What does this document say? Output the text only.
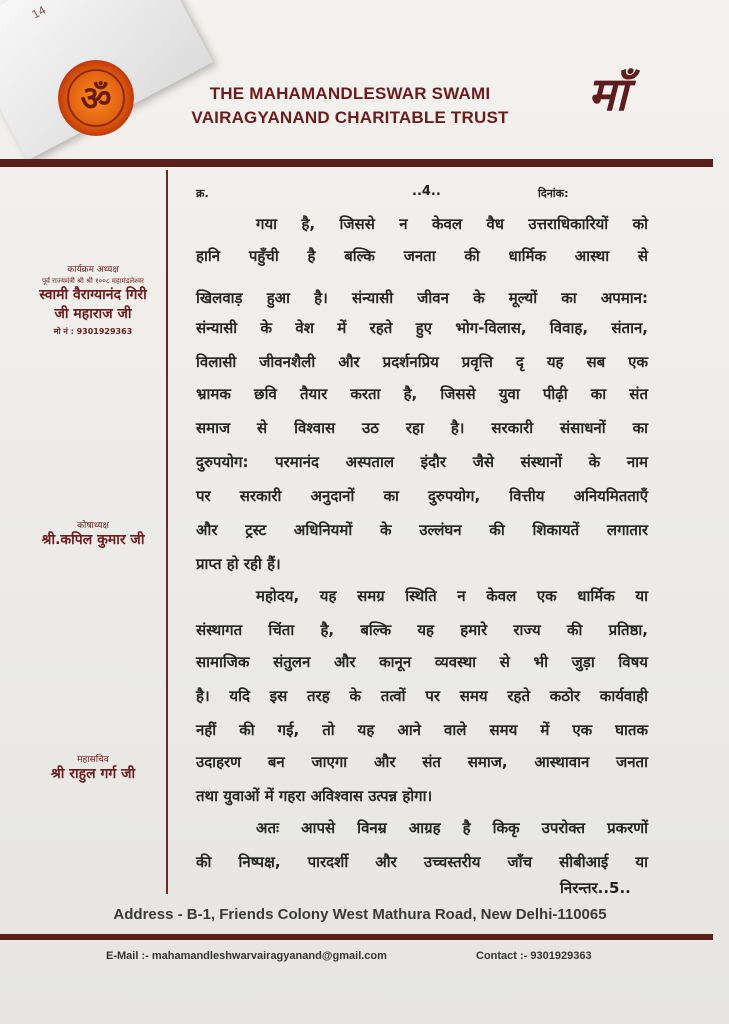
14
ॐ	THE MAHAMANDLESWAR SWAMI
VAIRAGYANAND CHARITABLE TRUST	माँ
कार्यक्रम अध्यक्ष
पूर्व राज्यमंत्री श्री श्री १००८ महामंडलेश्वर
स्वामी वैराग्यानंद गिरी
जी महाराज जी
मो नं : 9301929363
कोषाध्यक्ष
श्री.कपिल कुमार जी
महासचिव
श्री राहुल गर्ग जी
क्र.	..4..	दिनांक:
गया है, जिससे न केवल वैध उत्तराधिकारियों को
हानि पहुँची है बल्कि जनता की धार्मिक आस्था से
खिलवाड़ हुआ है। संन्यासी जीवन के मूल्यों का अपमान:
संन्यासी के वेश में रहते हुए भोग-विलास, विवाह, संतान,
विलासी जीवनशैली और प्रदर्शनप्रिय प्रवृत्ति दृ यह सब एक
भ्रामक छवि तैयार करता है, जिससे युवा पीढ़ी का संत
समाज से विश्वास उठ रहा है। सरकारी संसाधनों का
दुरुपयोग: परमानंद अस्पताल इंदौर जैसे संस्थानों के नाम
पर सरकारी अनुदानों का दुरुपयोग, वित्तीय अनियमितताएँ
और ट्रस्ट अधिनियमों के उल्लंघन की शिकायतें लगातार
प्राप्त हो रही हैं।
महोदय, यह समग्र स्थिति न केवल एक धार्मिक या
संस्थागत चिंता है, बल्कि यह हमारे राज्य की प्रतिष्ठा,
सामाजिक संतुलन और कानून व्यवस्था से भी जुड़ा विषय
है। यदि इस तरह के तत्वों पर समय रहते कठोर कार्यवाही
नहीं की गई, तो यह आने वाले समय में एक घातक
उदाहरण बन जाएगा और संत समाज, आस्थावान जनता
तथा युवाओं में गहरा अविश्वास उत्पन्न होगा।
अतः आपसे विनम्र आग्रह है किकृ उपरोक्त प्रकरणों
की निष्पक्ष, पारदर्शी और उच्चस्तरीय जाँच सीबीआई या
निरन्तर..5..
Address - B-1, Friends Colony West Mathura Road, New Delhi-110065
E-Mail :- mahamandleshwarvairagyanand@gmail.com	Contact :- 9301929363
